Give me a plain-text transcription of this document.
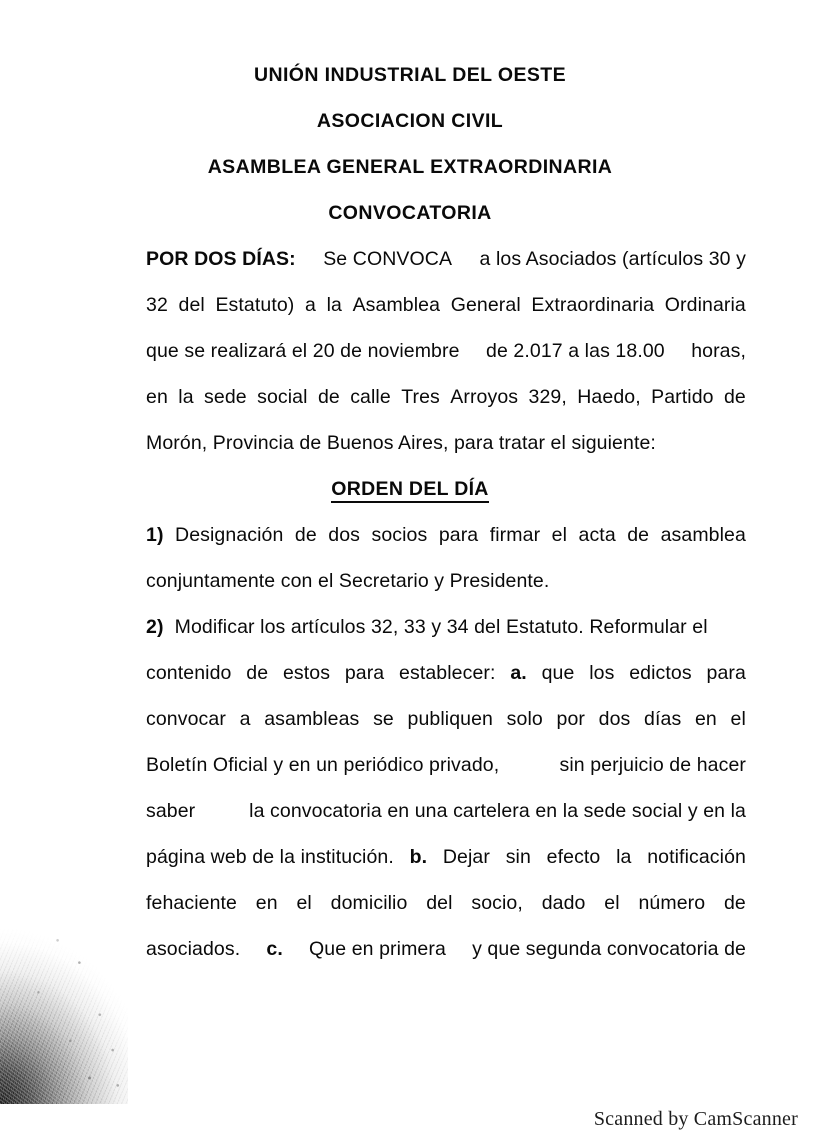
UNIÓN INDUSTRIAL DEL OESTE
ASOCIACION CIVIL
ASAMBLEA GENERAL EXTRAORDINARIA
CONVOCATORIA
POR DOS DÍAS: Se CONVOCA a los Asociados (artículos 30 y
32 del Estatuto) a la Asamblea General Extraordinaria Ordinaria
que se realizará el 20 de noviembre de 2.017 a las 18.00 horas,
en la sede social de calle Tres Arroyos 329, Haedo, Partido de
Morón, Provincia de Buenos Aires, para tratar el siguiente:

1) Designación de dos socios para firmar el acta de asamblea
conjuntamente con el Secretario y Presidente.
2) Modificar los artículos 32, 33 y 34 del Estatuto. Reformular el
contenido de estos para establecer: a. que los edictos para
convocar a asambleas se publiquen solo por dos días en el
Boletín Oficial y en un periódico privado,	sin perjuicio de hacer
saber	la convocatoria en una cartelera en la sede social y en la
página web de la institución. b. Dejar sin efecto la notificación
fehaciente en el domicilio del socio, dado el número de
asociados. c. Que en primera y que segunda convocatoria de
ORDEN DEL DÍA
Scanned by CamScanner
